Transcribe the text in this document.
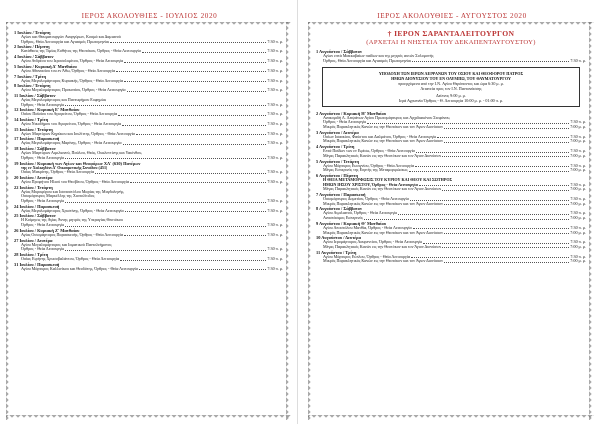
ΙΕΡΟΣ ΑΚΟΛΟΥΘΙΕΣ - ΙΟΥΛΙΟΣ 2020
1 Ιουλίου / Τετάρτη
Αγίων και Θαυματουργών Αναργύρων, Κοσμά και Δαμιανού
Όρθρος, Θεία Λειτουργία και Αγιασμός Πρωτομηνίας	7:30 π. μ.
2 Ιουλίου / Πέμπτη
Κατάθεσις της Τιμίας Εσθήτος της Θεοτόκου, Όρθρος - Θεία Λειτουργία	7:30 π. μ.
4 Ιουλίου / Σάββατον
Αγίου Ανδρέου του Ιεροσολυμίτου, Όρθρος - Θεία Λειτουργία	7:30 π. μ.
5 Ιουλίου / Κυριακή Δ' Ματθαίου
Αγίου Αθανασίου του εν Άθω, Όρθρος - Θεία Λειτουργία	7:30 π. μ.
7 Ιουλίου / Τρίτη
Αγίας Μεγαλομάρτυρος Κυριακής, Όρθρος - Θεία Λειτουργία	7:30 π. μ.
8 Ιουλίου / Τετάρτη
Αγίου Μεγαλομάρτυρος Προκοπίου, Όρθρος - Θεία Λειτουργία	7:30 π. μ.
11 Ιουλίου / Σάββατον
Αγίας Μεγαλομάρτυρος και Πανευφήμου Ευφημίας
Όρθρος - Θεία Λειτουργία	7:30 π. μ.
12 Ιουλίου / Κυριακή Ε' Ματθαίου
Οσίου Παϊσίου του Αγιορείτου, Όρθρος - Θεία Λειτουργία	7:30 π. μ.
14 Ιουλίου / Τρίτη
Αγίου Νικοδήμου του Αγιορείτου, Όρθρος - Θεία Λειτουργία	7:30 π. μ.
15 Ιουλίου / Τετάρτη
Αγίων Μαρτύρων Κηρύκου και Ιουλίττης, Όρθρος - Θεία Λειτουργία	7:30 π. μ.
17 Ιουλίου / Παρασκευή
Αγίας Μεγαλομάρτυρος Μαρίνης, Όρθρος - Θεία Λειτουργία	7:30 π. μ.
18 Ιουλίου / Σάββατον
Αγίων Μαρτύρων Αιμιλιανού, Παύλου, Θεάς, Ουαλεντίνης και Υακίνθου,
Όρθρος - Θεία Λειτουργία	7:30 π. μ.
19 Ιουλίου / Κυριακή των Αγίων και Θεοφόρων ΧΛ' (630) Πατέρων
της εν Χαλκηδόνι Δ' Οικουμενικής Συνόδου (451)
Οσίας Μακρίνης, Όρθρος - Θεία Λειτουργία	7:30 π. μ.
20 Ιουλίου / Δευτέρα
Αγίου Προφήτου Ηλιού του Θεσβίτου, Όρθρος - Θεία Λειτουργία	7:30 π. μ.
22 Ιουλίου / Τετάρτη
Αγίας Μυροφόρου και Ισαποστόλου Μαρίας της Μαγδαληνής,
Οσιομάρτυρος Μαρκέλλης της Χιοπολίτιδος
Όρθρος - Θεία Λειτουργία	7:30 π. μ.
24 Ιουλίου / Παρασκευή
Αγίας Μεγαλομάρτυρος Χριστίνης, Όρθρος - Θεία Λειτουργία	7:30 π. μ.
25 Ιουλίου / Σάββατον
Η Κοίμησις της Αγίας Άννης μητρός της Υπεραγίας Θεοτόκου
Όρθρος - Θεία Λειτουργία	7:30 π. μ.
26 Ιουλίου / Κυριακή Ζ' Ματθαίου
Αγίας Οσιομάρτυρος Παρασκευής, Όρθρος - Θεία Λειτουργία	7:30 π. μ.
27 Ιουλίου / Δευτέρα
Αγίου Μεγαλομάρτυρος και Ιαματικού Παντελεήμονος
Όρθρος - Θεία Λειτουργία	7:30 π. μ.
28 Ιουλίου / Τρίτη
Οσίας Ειρήνης Χρυσοβαλάντου, Όρθρος - Θεία Λειτουργία	7:30 π. μ.
31 Ιουλίου / Παρασκευή
Αγίου Μάρτυρος Καλλινίκου και Θεοδότης, Όρθρος - Θεία Λειτουργία	7:30 π. μ.
ΙΕΡΟΣ ΑΚΟΛΟΥΘΙΕΣ - ΑΥΓΟΥΣΤΟΣ 2020
† ΙΕΡΟΝ ΣΑΡΑΝΤΑΛΕΙΤΟΥΡΓΟΝ
(ΑΡΧΕΤΑΙ Η ΝΗΣΤΕΙΑ ΤΟΥ ΔΕΚΑΠΕΝΤΑΥΓΟΥΣΤΟΥ)
1 Αυγούστου / Σάββατον
Αγίων επτά Μακκαβαίων παίδων και της μητρός αυτών Σολομονής
Όρθρος, Θεία Λειτουργία και Αγιασμός Πρωτομηνίας	7:30 π. μ.
ΥΠΟΔΟΧΗ ΤΩΝ ΙΕΡΩΝ ΛΕΙΨΑΝΩΝ ΤΟΥ ΟΣΙΟΥ ΚΑΙ ΘΕΟΦΟΡΟΥ ΠΑΤΡΟΣ
ΗΜΩΝ ΔΙΟΝΥΣΙΟΥ ΤΟΥ ΕΝ ΟΛΥΜΠΩ, ΤΟΥ ΘΑΥΜΑΤΟΥΡΓΟΥ
προερχόμενα από την I.N. Αγίου Θεράποντος και ώρα 6:30 μ. μ.
Λιτανεία προς τον I.N. Παντανάσσης
Δείπνος 9:00 μ. μ.
Ιερά Αγρυπνία Όρθρος - Θ. Λειτουργία 10:00 μ. μ. - 01:00 π. μ.
2 Αυγούστου / Κυριακή Η' Ματθαίου
Ανακομιδή Λ. Λειψάνων Αγίου Πρωτομάρτυρος και Αρχιδιακόνου Στεφάνου,
Όρθρος - Θεία Λειτουργία	7:30 π. μ.
Μικρός Παρακλητικός Κανών εις την Θεοτόκον και τον Άγιον Διονύσιον	7:00 μ. μ.
3 Αυγούστου / Δευτέρα
Οσίων Ισαακίου, Φαύστου και Δαλμάτου, Όρθρος - Θεία Λειτουργία	7:30 π. μ.
Μικρός Παρακλητικός Κανών εις την Θεοτόκον και τον Άγιον Διονύσιον	7:00 μ. μ.
4 Αυγούστου / Τρίτη
Επτά Παίδων των εν Εφέσω, Όρθρος - Θεία Λειτουργία	7:30 π. μ.
Μέγας Παρακλητικός Κανών εις την Θεοτόκον και τον Άγιον Διονύσιον	7:00 μ. μ.
5 Αυγούστου / Τετάρτη
Αγίου Μάρτυρος Ευσιγνίου, Όρθρος - Θεία Λειτουργία	7:30 π. μ.
Μέγας Εσπερινός της Εορτής της Μεταμορφώσεως	7:00 μ. μ.
6 Αυγούστου / Πέμπτη
Η ΘΕΙΑ ΜΕΤΑΜΟΡΦΩΣΙΣ ΤΟΥ ΚΥΡΙΟΥ ΚΑΙ ΘΕΟΥ ΚΑΙ ΣΩΤΗΡΟΣ
ΗΜΩΝ ΙΗΣΟΥ ΧΡΙΣΤΟΥ, Όρθρος - Θεία Λειτουργία	7:30 π. μ.
Μέγας Παρακλητικός Κανών εις την Θεοτόκον και τον Άγιον Διονύσιον	7:00 μ. μ.
7 Αυγούστου / Παρασκευή
Οσιομάρτυρος Δομετίου, Όρθρος - Θεία Λειτουργία	7:30 π. μ.
Μικρός Παρακλητικός Κανών εις την Θεοτόκον και τον Άγιον Διονύσιον	7:00 μ. μ.
8 Αυγούστου / Σάββατον
Αγίου Αιμιλιανού, Όρθρος - Θεία Λειτουργία	7:30 π. μ.
Αναστάσιμος Εσπερινός	7:00 μ. μ.
9 Αυγούστου / Κυριακή Θ' Ματθαίου
Αγίου Αποστόλου Ματθία, Όρθρος - Θεία Λειτουργία	7:30 π. μ.
Μικρός Παρακλητικός Κανών εις την Θεοτόκον και τον Άγιον Διονύσιον	7:00 μ. μ.
10 Αυγούστου / Δευτέρα
Αγίου Ιερομάρτυρος Λαυρεντίου, Όρθρος - Θεία Λειτουργία	7:30 π. μ.
Μέγας Παρακλητικός Κανών εις την Θεοτόκον και τον Άγιον Διονύσιον	7:00 μ. μ.
11 Αυγούστου / Τρίτη
Αγίου Μάρτυρος Εύπλου, Όρθρος - Θεία Λειτουργία	7:30 π. μ.
Μικρός Παρακλητικός Κανών εις την Θεοτόκον και τον Άγιον Διονύσιον	7:00 μ. μ.
